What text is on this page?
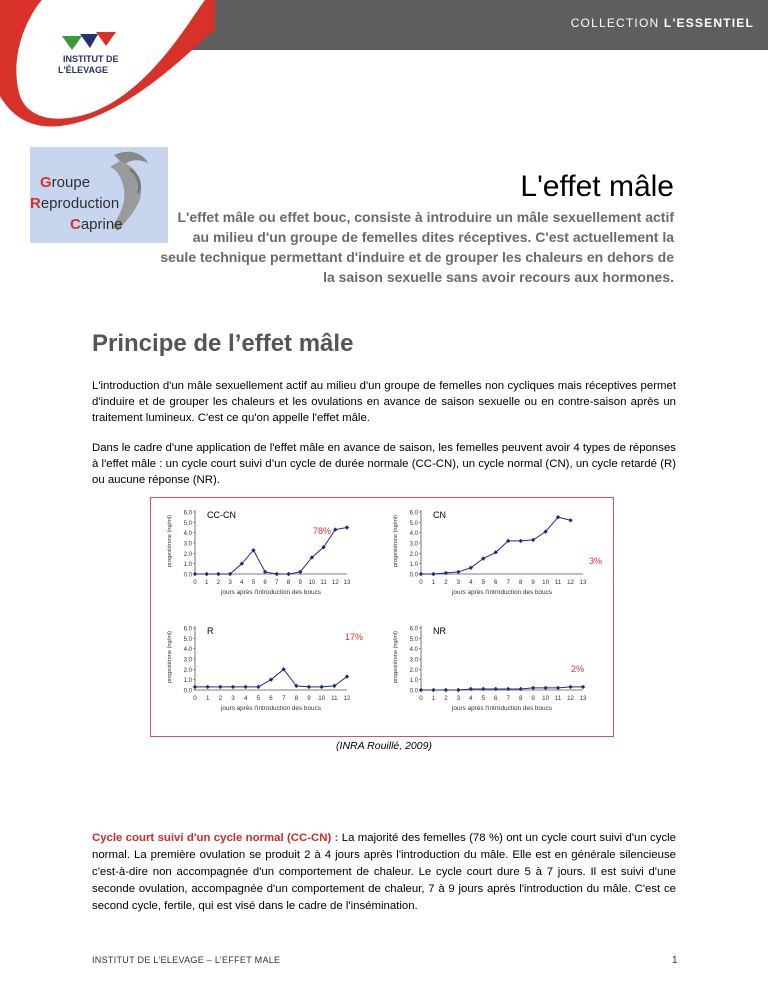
COLLECTION L'ESSENTIEL
INSTITUT DE
L'ÉLEVAGE
Groupe
Reproduction
Caprine
L'effet mâle
L'effet mâle ou effet bouc, consiste à introduire un mâle sexuellement actif au milieu d'un groupe de femelles dites réceptives. C'est actuellement la seule technique permettant d'induire et de grouper les chaleurs en dehors de la saison sexuelle sans avoir recours aux hormones.
Principe de l’effet mâle

L'introduction d'un mâle sexuellement actif au milieu d'un groupe de femelles non cycliques mais réceptives permet d'induire et de grouper les chaleurs et les ovulations en avance de saison sexuelle ou en contre-saison après un traitement lumineux. C'est ce qu'on appelle l'effet mâle.

Dans le cadre d'une application de l'effet mâle en avance de saison, les femelles peuvent avoir 4 types de réponses à l'effet mâle : un cycle court suivi d’un cycle de durée normale (CC-CN), un cycle normal (CN), un cycle retardé (R) ou aucune réponse (NR).

0.0
1.0
2.0
3.0
4.0
5.0
6.0
0 1 2 3 4 5 6 7 8 9 10 11 12 13
jours après l'introduction des boucs
progestérone (ng/ml)
CC-CN
78%
0.0
1.0
2.0
3.0
4.0
5.0
6.0
0 1 2 3 4 5 6 7 8 9 10 11 12 13
jours après l'introduction des boucs
progestérone (ng/ml)
CN
3%
0.0
1.0
2.0
3.0
4.0
5.0
6.0
0 1 2 3 4 5 6 7 8 9 10 11 12
jours après l'introduction des boucs
progestérone (ng/ml)
R
17%
0.0
1.0
2.0
3.0
4.0
5.0
6.0
0 1 2 3 4 5 6 7 8 9 10 11 12 13
jours après l'introduction des boucs
progestérone (ng/ml)
NR
2%
(INRA Rouillé, 2009)

Cycle court suivi d'un cycle normal (CC-CN) : La majorité des femelles (78 %) ont un cycle court suivi d'un cycle normal. La première ovulation se produit 2 à 4 jours après l'introduction du mâle. Elle est en générale silencieuse c'est-à-dire non accompagnée d'un comportement de chaleur. Le cycle court dure 5 à 7 jours. Il est suivi d'une seconde ovulation, accompagnée d'un comportement de chaleur, 7 à 9 jours après l'introduction du mâle. C'est ce second cycle, fertile, qui est visé dans le cadre de l'insémination.

INSTITUT DE L’ELEVAGE – L’EFFET MALE	1
